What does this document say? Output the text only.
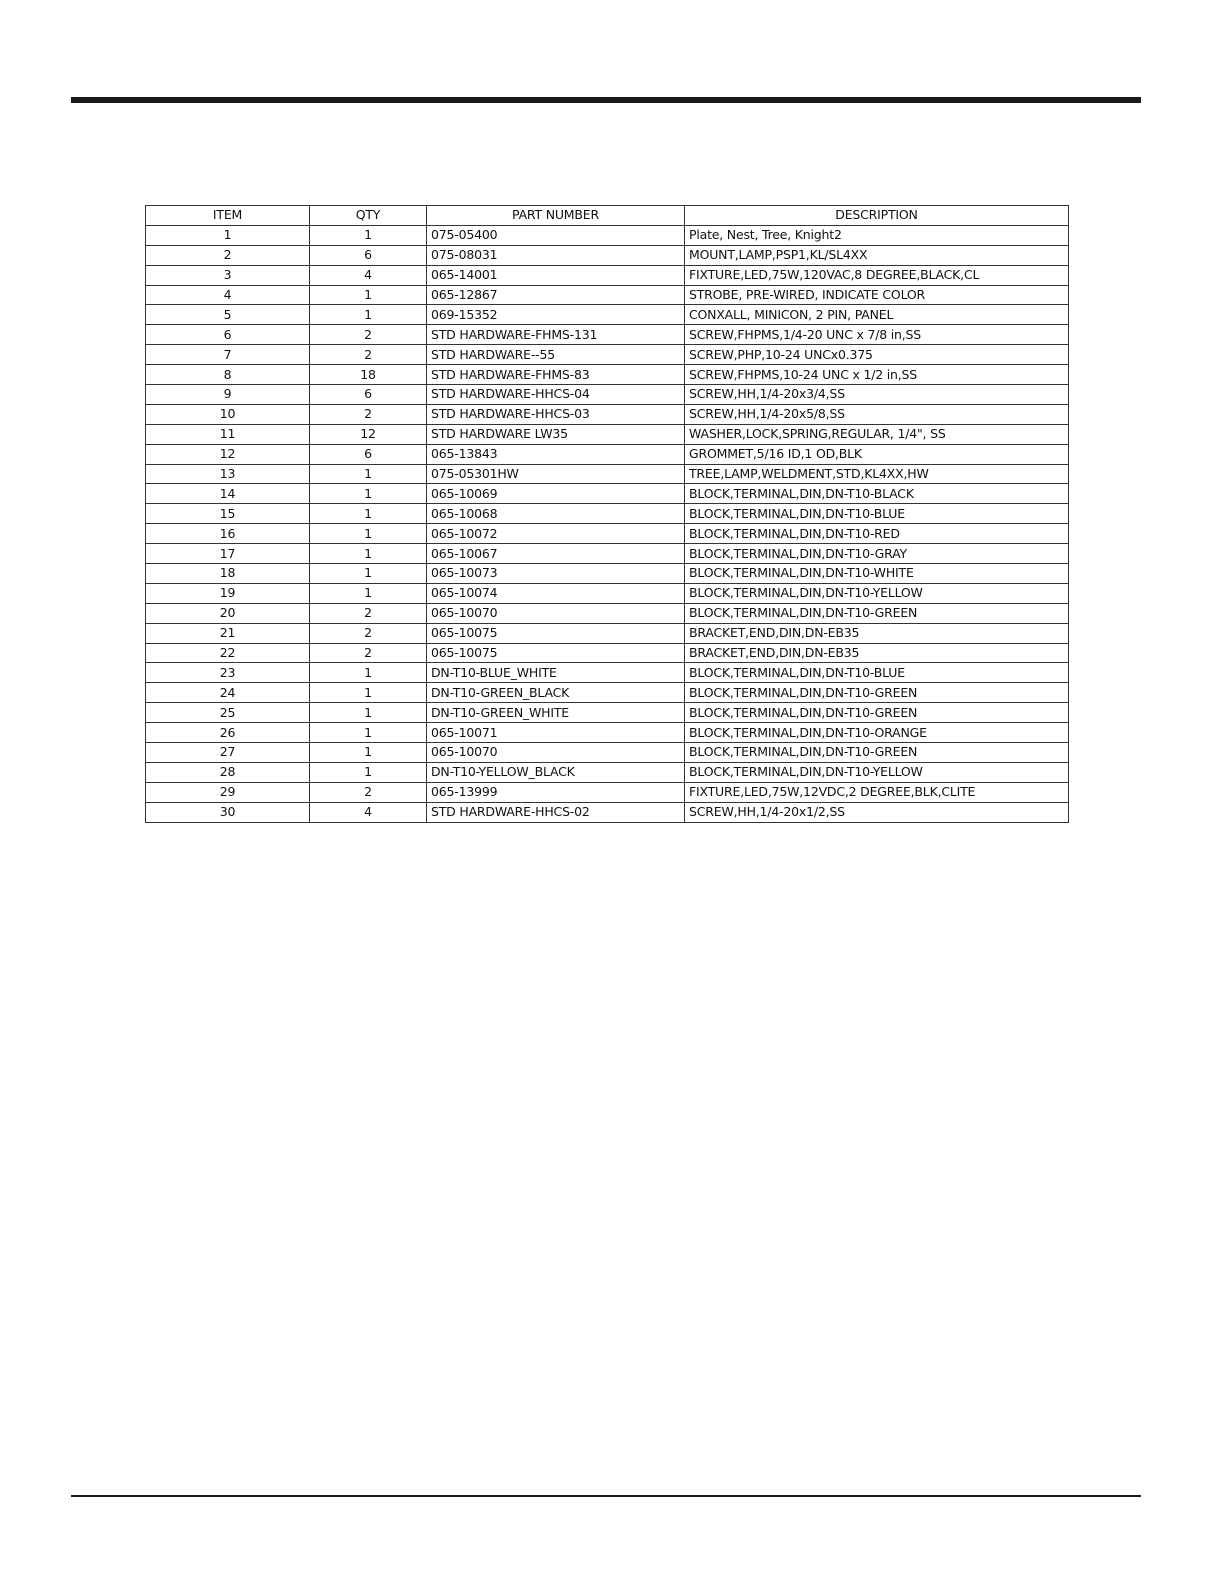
ITEM	QTY	PART NUMBER	DESCRIPTION
1	1	075-05400	Plate, Nest, Tree, Knight2
2	6	075-08031	MOUNT,LAMP,PSP1,KL/SL4XX
3	4	065-14001	FIXTURE,LED,75W,120VAC,8 DEGREE,BLACK,CL
4	1	065-12867	STROBE, PRE-WIRED, INDICATE COLOR
5	1	069-15352	CONXALL, MINICON, 2 PIN, PANEL
6	2	STD HARDWARE-FHMS-131	SCREW,FHPMS,1/4-20 UNC x 7/8 in,SS
7	2	STD HARDWARE--55	SCREW,PHP,10-24 UNCx0.375
8	18	STD HARDWARE-FHMS-83	SCREW,FHPMS,10-24 UNC x 1/2 in,SS
9	6	STD HARDWARE-HHCS-04	SCREW,HH,1/4-20x3/4,SS
10	2	STD HARDWARE-HHCS-03	SCREW,HH,1/4-20x5/8,SS
11	12	STD HARDWARE LW35	WASHER,LOCK,SPRING,REGULAR, 1/4", SS
12	6	065-13843	GROMMET,5/16 ID,1 OD,BLK
13	1	075-05301HW	TREE,LAMP,WELDMENT,STD,KL4XX,HW
14	1	065-10069	BLOCK,TERMINAL,DIN,DN-T10-BLACK
15	1	065-10068	BLOCK,TERMINAL,DIN,DN-T10-BLUE
16	1	065-10072	BLOCK,TERMINAL,DIN,DN-T10-RED
17	1	065-10067	BLOCK,TERMINAL,DIN,DN-T10-GRAY
18	1	065-10073	BLOCK,TERMINAL,DIN,DN-T10-WHITE
19	1	065-10074	BLOCK,TERMINAL,DIN,DN-T10-YELLOW
20	2	065-10070	BLOCK,TERMINAL,DIN,DN-T10-GREEN
21	2	065-10075	BRACKET,END,DIN,DN-EB35
22	2	065-10075	BRACKET,END,DIN,DN-EB35
23	1	DN-T10-BLUE_WHITE	BLOCK,TERMINAL,DIN,DN-T10-BLUE
24	1	DN-T10-GREEN_BLACK	BLOCK,TERMINAL,DIN,DN-T10-GREEN
25	1	DN-T10-GREEN_WHITE	BLOCK,TERMINAL,DIN,DN-T10-GREEN
26	1	065-10071	BLOCK,TERMINAL,DIN,DN-T10-ORANGE
27	1	065-10070	BLOCK,TERMINAL,DIN,DN-T10-GREEN
28	1	DN-T10-YELLOW_BLACK	BLOCK,TERMINAL,DIN,DN-T10-YELLOW
29	2	065-13999	FIXTURE,LED,75W,12VDC,2 DEGREE,BLK,CLITE
30	4	STD HARDWARE-HHCS-02	SCREW,HH,1/4-20x1/2,SS
